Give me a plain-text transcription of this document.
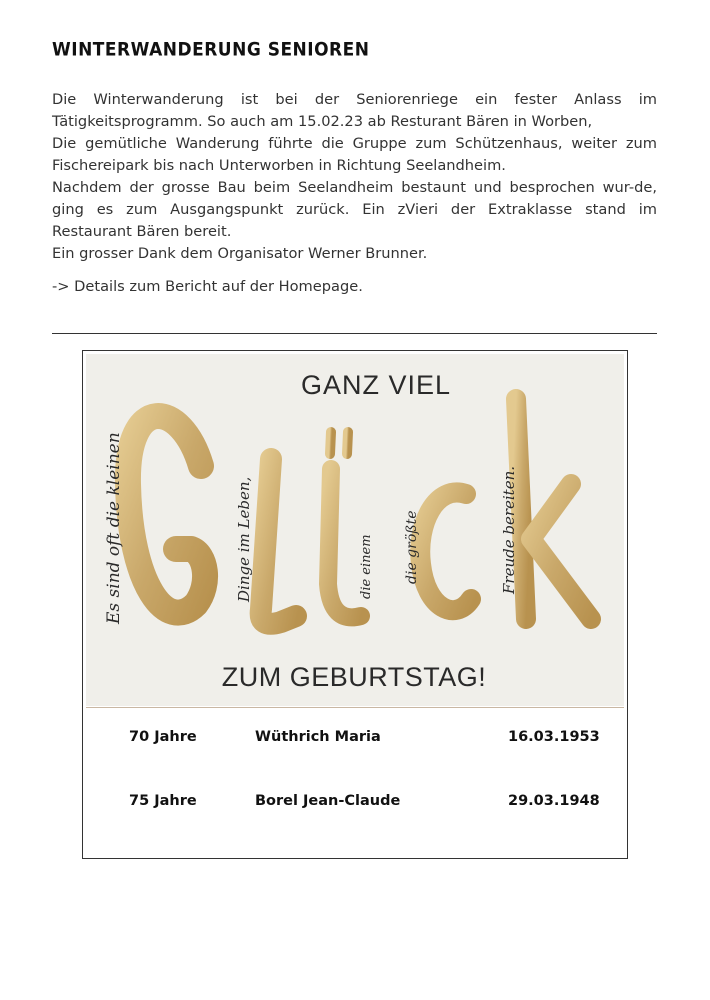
WINTERWANDERUNG SENIOREN

Die Winterwanderung ist bei der Seniorenriege ein fester Anlass im Tätigkeitsprogramm. So auch am 15.02.23 ab Resturant Bären in Worben,

Die gemütliche Wanderung führte die Gruppe zum Schützenhaus, weiter zum Fischereipark bis nach Unterworben in Richtung Seelandheim.

Nachdem der grosse Bau beim Seelandheim bestaunt und besprochen wur-de, ging es zum Ausgangspunkt zurück. Ein zVieri der Extraklasse stand im Restaurant Bären bereit.

Ein grosser Dank dem Organisator Werner Brunner.

-> Details zum Bericht auf der Homepage.
GANZ VIEL
Es sind oft die kleinen	Dinge im Leben,	die einem die größte	Freude bereiten.
ZUM GEBURTSTAG!
70 Jahre	Wüthrich Maria	16.03.1953
75 Jahre	Borel Jean-Claude	29.03.1948
